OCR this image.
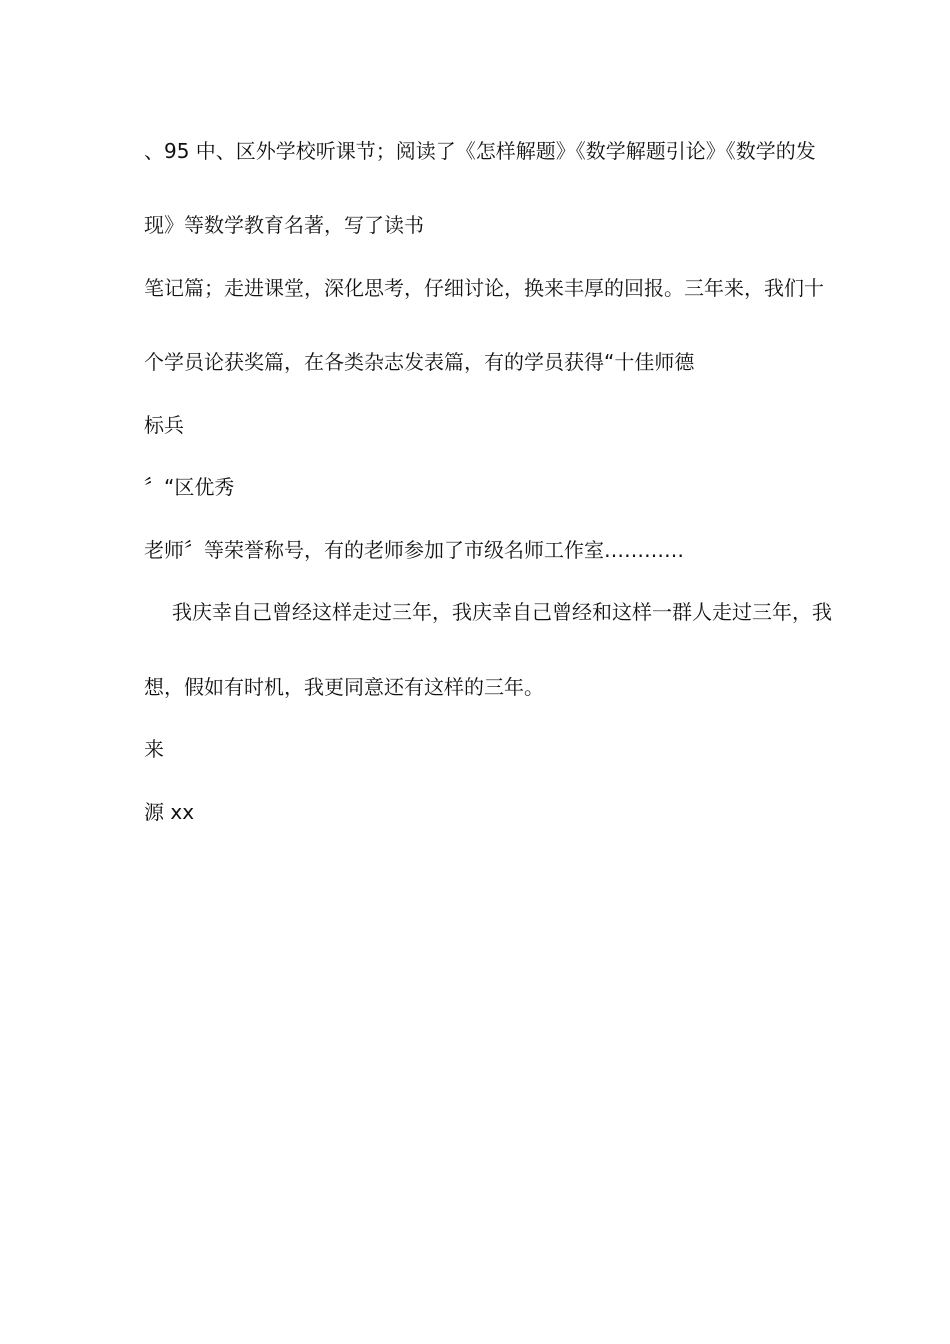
、95 中、区外学校听课节；阅读了《怎样解题》《数学解题引论》《数学的发

现》等数学教育名著，写了读书

笔记篇；走进课堂，深化思考，仔细讨论，换来丰厚的回报。三年来，我们十

个学员论获奖篇，在各类杂志发表篇，有的学员获得“十佳师德

标兵

〞“区优秀

老师〞等荣誉称号，有的老师参加了市级名师工作室…………

我庆幸自己曾经这样走过三年，我庆幸自己曾经和这样一群人走过三年，我

想，假如有时机，我更同意还有这样的三年。

来

源 xx
